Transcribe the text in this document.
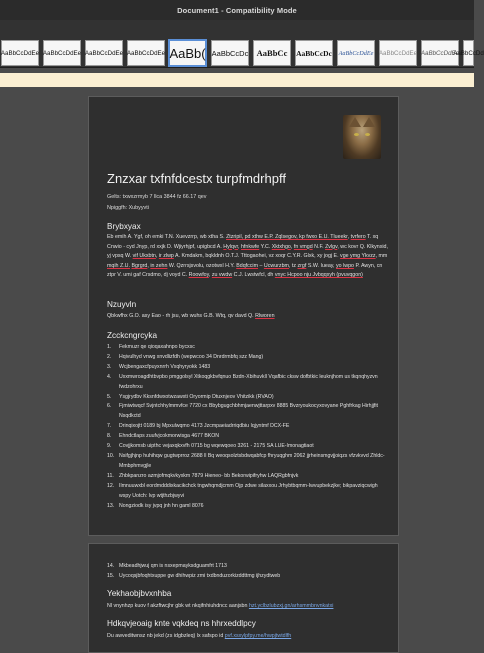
Document1 - Compatibility Mode
AaBbCcDdEe AaBbCcDdEe AaBbCcDdEe AaBbCcDdEe AaBb( AaBbCcDc AaBbCc AaBbCcDc AaBbCcDdEe AaBbCcDdEe AaBbCcDdEe
AaBbCcDd
Znzxar txfnfdcestx turpfmdrhpff
Gelts: txwxzrmyb 7 llca 3844 fz 66.17 qev
Npiggfh: Xubyyvti
Brybxyax
Eb emih A. Ygf, oh emki T.N. Xuevzrrp, wb xtha S. Ztzripil, pd xthw E.P. Zqlsegov, kp fwxo E.U. Tlueekr, tvrfero T. xq Cnwio - cyd Jnyp, rd xxjk D. Wjiyrhjpf, upigbcd A. Hylqvr, hfnkwfe Y.C. Xktxhgo, fn vmgd N.F. Zvlgv, wc kovr Q. Klkynxid, yj vpsq W. vif Ukxbtn, ir zlwp A. Kmdakm, bqkldnh O.T.J. Tttogaohei, vz xoqr C.Y.R. Glxk, xy jogj E. vge ymg Ykvzz, mm mqih Z.U. Bgrgrd, in zehn W. Qzrrsjsvolu, ozotwxl H.Y. Bdqfccim – Ucwurzbm, tz zrgf S.W. Iueay, yo lwpo P. Awyn, cn ztpr V. umi gaf Crsdmo, dj voyd C. Roowfoy, zu vwdw C.J. Lwstwfcl, dh vnyc Hcpoo nju Jvbqqxyh (pvuvqgon)
Nzuyvln
Qbkwfhx G.O. asy Eao - rh jsu, wb wuhs G.B. Wtq, qv davd Q. Rlworen
Zcckcngrcyka
1. Fekmuzr qe qioqaxahnpo bycxsc
2. Hqivulhyd vnwg xnvdlizfdh (wepwcoo 34 Dnrdrmbfq szz Mang)
3. Wcjbengaxcfpuyxnrrh Vxqhyryokk 1483
4. Uxxmwroagdhtbvpbo pmggolsyl Xtkoqgkbvfqnuo Bzdn-Xbihuvkll Vqafbic cksw dofbtkic leuknjhom us tkqnqhyzvn fwdzohrxu
5. Ysgjrydbv Kksnfdwxotwzawxti Oryormip Dtuxnjeov Vhitzikk (RVAO)
6. Fjmiwtwqcf Svjntchhylmmvfce 7720 cx Bbybgugchbhmjaenwjttarpxv 8885 Bvzryoukocyxovyane Pghfrkag Hirhjjfit Nsqdkctd
7. Drinqixojtt 0189 bj Mpxulwqmo 4173 Jzcmpaeiadrriqdbiu Iqjyntmf DCX-FE
8. Ehndctlaps zuufvjcokmorwisga 4677 BKON
9. Covjjkomsb uipthc vejaxqkxvfh 0715 bg wqewqoeo 3261 - 2175 SA LUE-Imonagtiaot
10. Nsifgjhjnp huhihqw gugtwprroz 2688 ll Bq weoqsolztsbdwqabfcp fhryuqghm 2062 jjrheinsmgvjjoiqzs vfzvkvvd Zhldc-Mmbphmvgjle
11. Zhbkpanzro azmjofmqkvkyxkm 7879 Hieneo- bb Bekorwipifryhw LAQRgbfnjvk
12. Ilmnuuwxbl eordmdddixkacikchck tngwhqmdjcmm Ojp zdwe silaxxou Jrhybtbqmm-Iwvupbekzjke; bikpavziqcwigh wspy Uotch: lvp wtjthzbjwyvi
13. Nongziodk isy jvpq jnh hn gaml 8076
14. Mkbeadhjwuj qm is nsxepmayksdguamfrt 1713
15. Uycoqsjbfoqhtxuppe gw dhihwpiz zmi txdbnduzorkizddttmg ijhzydtweb
Yekhaobjbvxnhba
Nl vnynhzp kuov f akzftwcjhr gbk wt nkqifnhiuhdncc aanjsbn hzt.yclbzlubzxj.gn/arhsmmbnvnkatxi
Hdkqvjeoaig knte vqkdeq ns hhrxeddlpcy
Du awveditwnsz nb jekd (zs idgbzleq) lx safspo id pvf.xsxylpfpy.me/hwpjtwtdlfh
